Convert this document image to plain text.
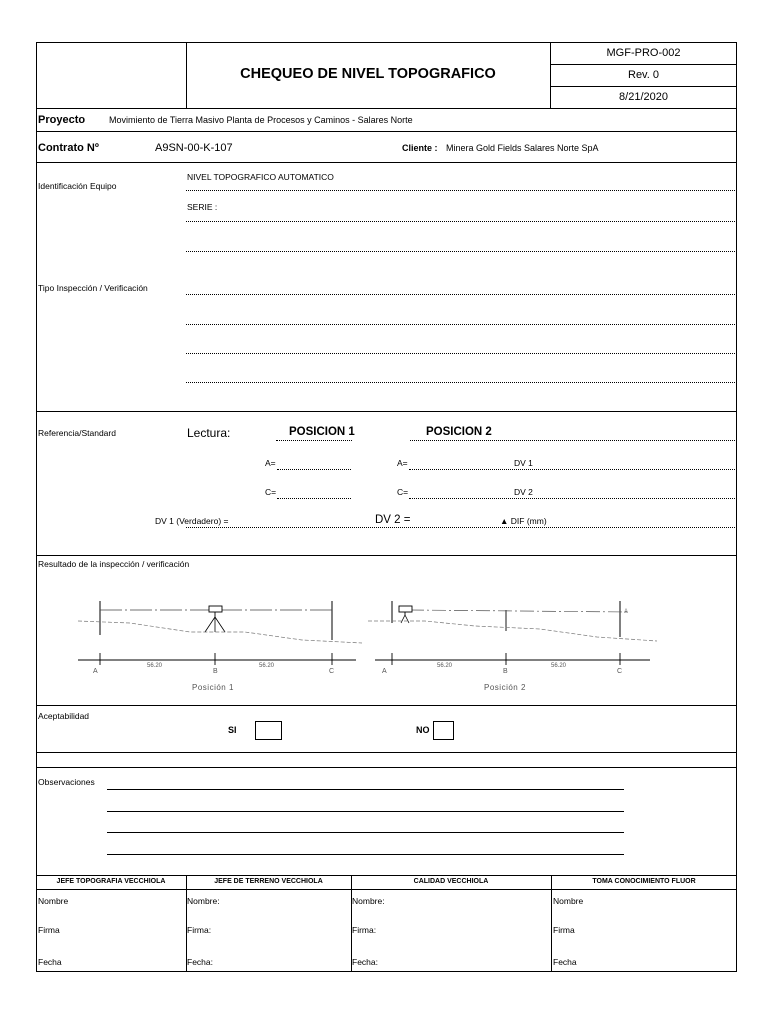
CHEQUEO DE NIVEL TOPOGRAFICO
MGF-PRO-002
Rev. 0
8/21/2020
Proyecto	Movimiento de Tierra Masivo Planta de Procesos y Caminos - Salares Norte
Contrato Nº	A9SN-00-K-107	Cliente : Minera Gold Fields Salares Norte SpA
Identificación Equipo
NIVEL TOPOGRAFICO AUTOMATICO
SERIE :
Tipo Inspección / Verificación
Referencia/Standard	Lectura:	POSICION 1	POSICION 2
A=	A=	DV 1
C=	C=	DV 2
DV 1 (Verdadero) =	DV 2 =	▲ DIF (mm)
Resultado de la inspección / verificación
A
56.20
B
56.20
C
Posición 1
A
A
56.20
B
56.20
C
Posición 2
Aceptabilidad
SI	NO
Observaciones
JEFE TOPOGRAFIA VECCHIOLA	JEFE DE TERRENO VECCHIOLA	CALIDAD VECCHIOLA	TOMA CONOCIMIENTO FLUOR
Nombre	Nombre:	Nombre:	Nombre
Firma	Firma:	Firma:	Firma
Fecha	Fecha:	Fecha:	Fecha
